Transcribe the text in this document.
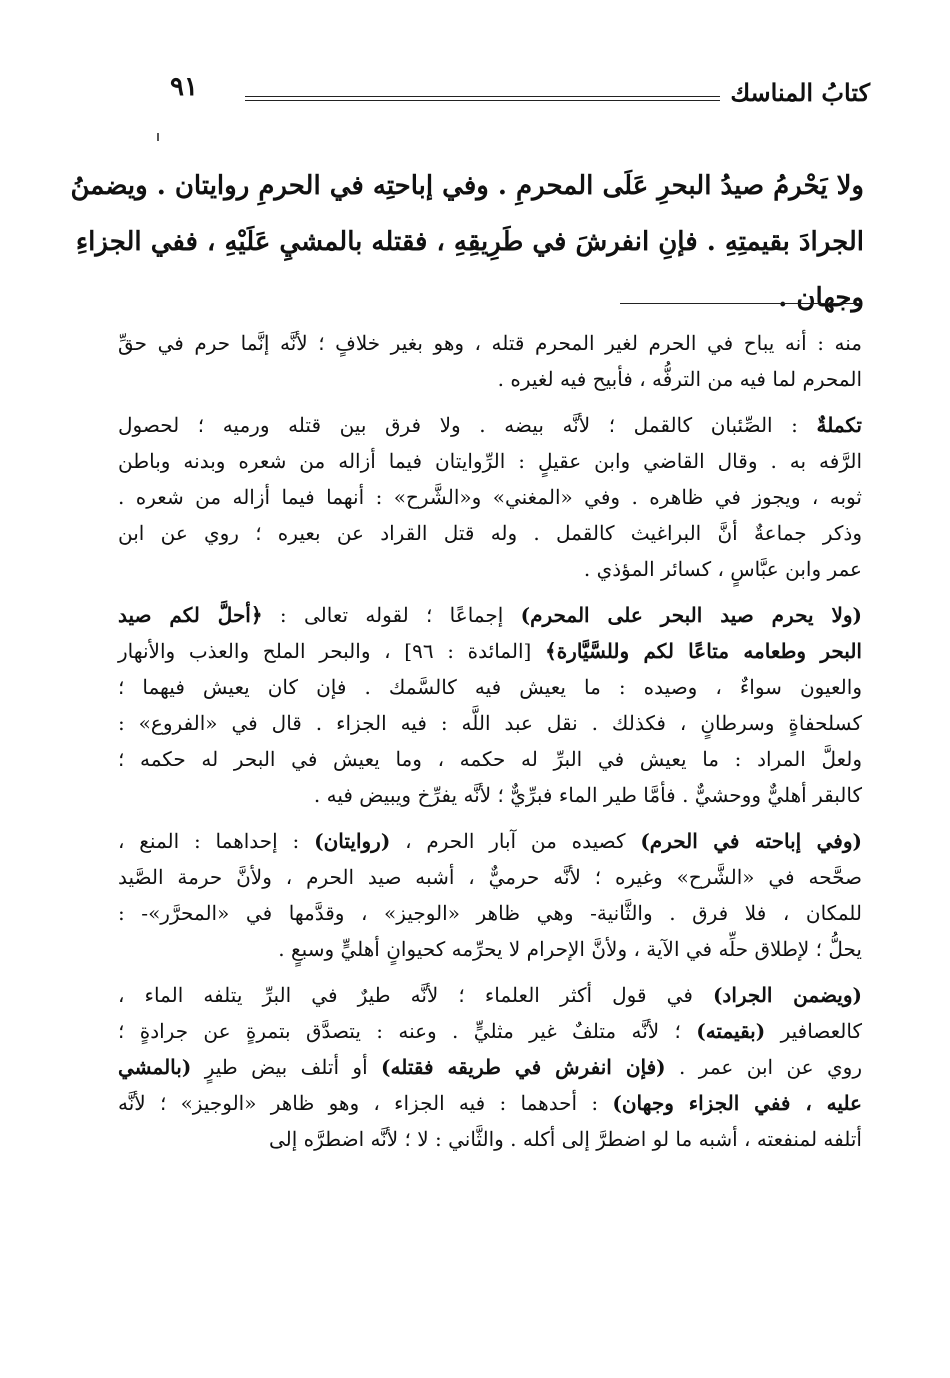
كتابُ المناسك
٩١
ولا يَحْرمُ صيدُ البحرِ عَلَى المحرمِ . وفي إباحتِه في الحرمِ روايتان . ويضمنُ
الجرادَ بقيمتِهِ . فإنِ انفرشَ في طَرِيقِهِ ، فقتله بالمشيِ عَلَيْهِ ، ففي الجزاءِ
وجهان .
منه : أنه يباح في الحرم لغير المحرم قتله ، وهو بغير خلافٍ ؛ لأنَّه إنَّما حرم في حقِّ
المحرم لما فيه من الترفُّه ، فأبيح فيه لغيره .
تكملةٌ : الصِّئبان كالقمل ؛ لأنَّه بيضه . ولا فرق بين قتله ورميه ؛ لحصول
الرَّفه به . وقال القاضي وابن عقيلٍ : الرِّوايتان فيما أزاله من شعره وبدنه وباطن
ثوبه ، ويجوز في ظاهره . وفي «المغني» و«الشَّرح» : أنهما فيما أزاله من شعره .
وذكر جماعةٌ أنَّ البراغيث كالقمل . وله قتل القراد عن بعيره ؛ روي عن ابن
عمر وابن عبَّاسٍ ، كسائر المؤذي .
(ولا يحرم صيد البحر على المحرم) إجماعًا ؛ لقوله تعالى : ﴿أحلَّ لكم صيد
البحر وطعامه متاعًا لكم وللسَّيَّارة﴾ [المائدة : ٩٦] ، والبحر الملح والعذب والأنهار
والعيون سواءٌ ، وصيده : ما يعيش فيه كالسَّمك . فإن كان يعيش فيهما ؛
كسلحفاةٍ وسرطانٍ ، فكذلك . نقل عبد اللَّه : فيه الجزاء . قال في «الفروع» :
ولعلَّ المراد : ما يعيش في البرِّ له حكمه ، وما يعيش في البحر له حكمه ؛
كالبقر أهليٌّ ووحشيٌّ . فأمَّا طير الماء فبرِّيٌّ ؛ لأنَّه يفرِّخ ويبيض فيه .
(وفي إباحته في الحرم) كصيده من آبار الحرم ، (روايتان) : إحداهما : المنع ،
صحَّحه في «الشَّرح» وغيره ؛ لأنَّه حرميٌّ ، أشبه صيد الحرم ، ولأنَّ حرمة الصَّيد
للمكان ، فلا فرق . والثَّانية- وهي ظاهر «الوجيز» ، وقدَّمها في «المحرَّر»- :
يحلُّ ؛ لإطلاق حلِّه في الآية ، ولأنَّ الإحرام لا يحرِّمه كحيوانٍ أهليٍّ وسبعٍ .
(ويضمن الجراد) في قول أكثر العلماء ؛ لأنَّه طيرٌ في البرِّ يتلفه الماء ،
كالعصافير (بقيمته) ؛ لأنَّه متلفٌ غير مثليٍّ . وعنه : يتصدَّق بتمرةٍ عن جرادةٍ ؛
روي عن ابن عمر . (فإن انفرش في طريقه فقتله) أو أتلف بيض طيرٍ (بالمشي
عليه ، ففي الجزاء وجهان) : أحدهما : فيه الجزاء ، وهو ظاهر «الوجيز» ؛ لأنَّه
أتلفه لمنفعته ، أشبه ما لو اضطرَّ إلى أكله . والثَّاني : لا ؛ لأنَّه اضطرَّه إلى
